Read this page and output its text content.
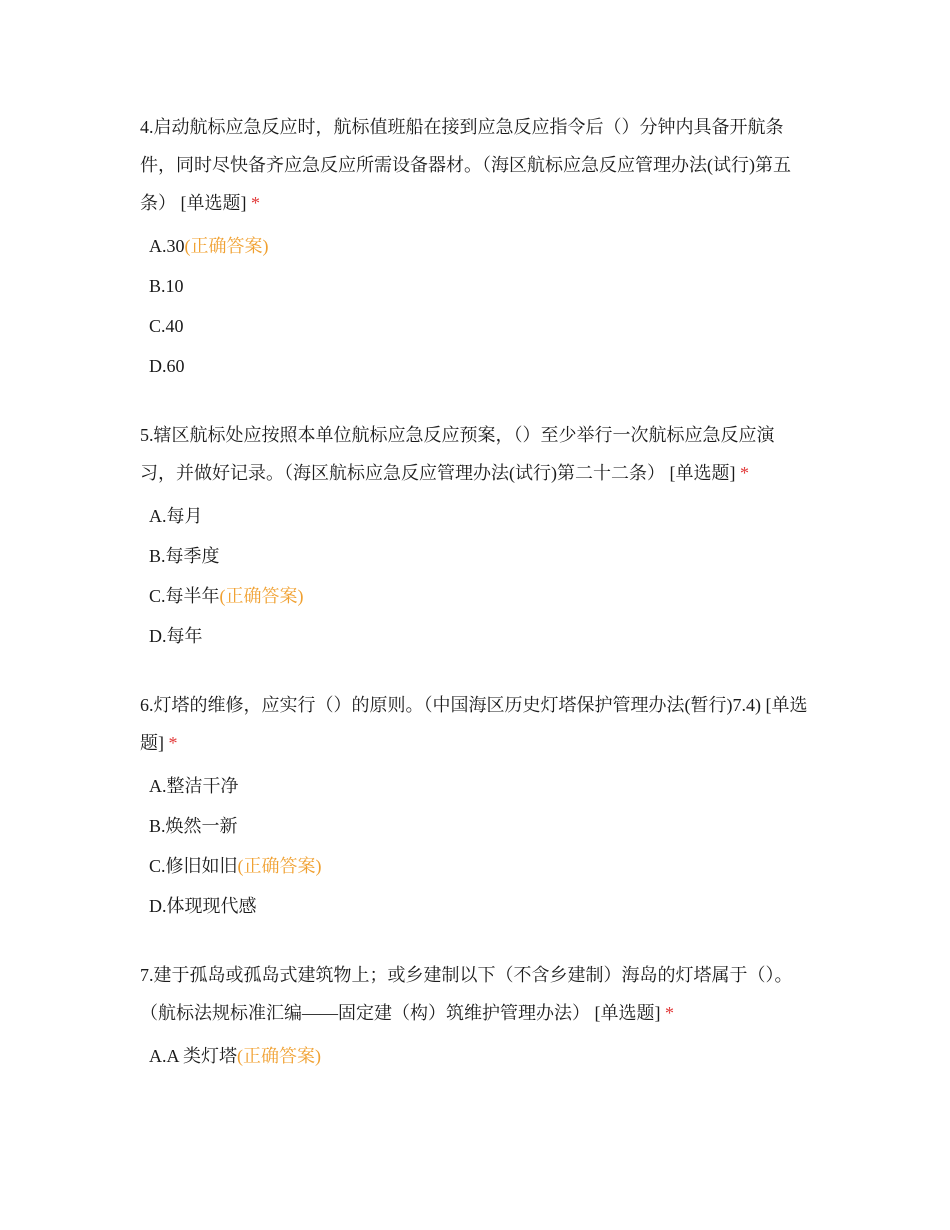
4.启动航标应急反应时，航标值班船在接到应急反应指令后（）分钟内具备开航条件，同时尽快备齐应急反应所需设备器材。（海区航标应急反应管理办法(试行)第五条） [单选题] *

A.30(正确答案)
B.10
C.40
D.60

5.辖区航标处应按照本单位航标应急反应预案，（）至少举行一次航标应急反应演习，并做好记录。（海区航标应急反应管理办法(试行)第二十二条） [单选题] *

A.每月
B.每季度
C.每半年(正确答案)
D.每年

6.灯塔的维修，应实行（）的原则。（中国海区历史灯塔保护管理办法(暂行)7.4) [单选题] *

A.整洁干净
B.焕然一新
C.修旧如旧(正确答案)
D.体现现代感

7.建于孤岛或孤岛式建筑物上；或乡建制以下（不含乡建制）海岛的灯塔属于（）。（航标法规标准汇编——固定建（构）筑维护管理办法） [单选题] *

A.A 类灯塔(正确答案)
